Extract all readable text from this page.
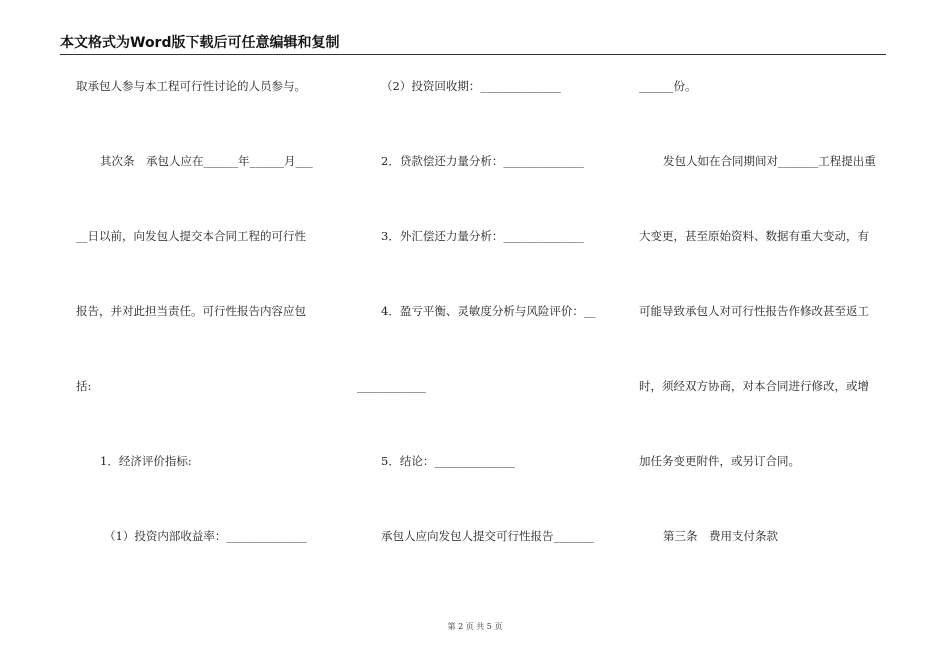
本文格式为Word版下载后可任意编辑和复制
取承包人参与本工程可行性讨论的人员参与。
其次条　承包人应在______年______月___
__日以前，向发包人提交本合同工程的可行性
报告，并对此担当责任。可行性报告内容应包
括:
1．经济评价指标:
（1）投资内部收益率：______________
（2）投资回收期：______________
2．贷款偿还力量分析：______________
3．外汇偿还力量分析：______________
4．盈亏平衡、灵敏度分析与风险评价：__
____________
5．结论：______________
承包人应向发包人提交可行性报告_______
______份。
发包人如在合同期间对_______工程提出重
大变更，甚至原始资料、数据有重大变动，有
可能导致承包人对可行性报告作修改甚至返工
时，须经双方协商，对本合同进行修改，或增
加任务变更附件，或另订合同。
第三条　费用支付条款
第 2 页 共 5 页
